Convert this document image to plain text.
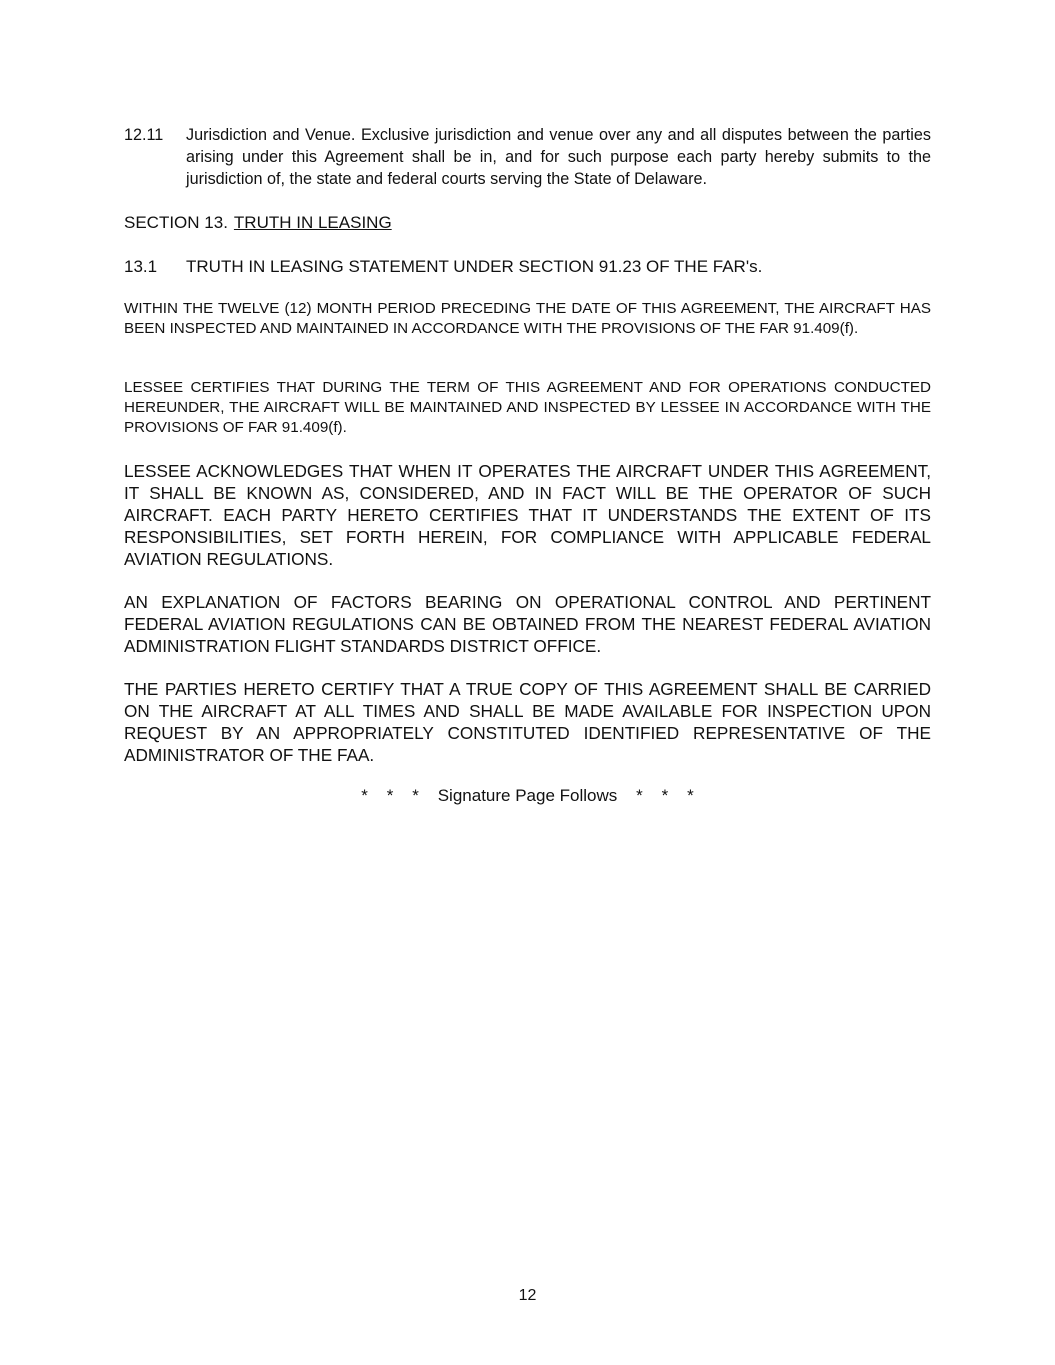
12.11 Jurisdiction and Venue. Exclusive jurisdiction and venue over any and all disputes between the parties arising under this Agreement shall be in, and for such purpose each party hereby submits to the jurisdiction of, the state and federal courts serving the State of Delaware.
SECTION 13. TRUTH IN LEASING
13.1 TRUTH IN LEASING STATEMENT UNDER SECTION 91.23 OF THE FAR's.

WITHIN THE TWELVE (12) MONTH PERIOD PRECEDING THE DATE OF THIS AGREEMENT, THE AIRCRAFT HAS BEEN INSPECTED AND MAINTAINED IN ACCORDANCE WITH THE PROVISIONS OF THE FAR 91.409(f).

LESSEE CERTIFIES THAT DURING THE TERM OF THIS AGREEMENT AND FOR OPERATIONS CONDUCTED HEREUNDER, THE AIRCRAFT WILL BE MAINTAINED AND INSPECTED BY LESSEE IN ACCORDANCE WITH THE PROVISIONS OF FAR 91.409(f).

LESSEE ACKNOWLEDGES THAT WHEN IT OPERATES THE AIRCRAFT UNDER THIS AGREEMENT, IT SHALL BE KNOWN AS, CONSIDERED, AND IN FACT WILL BE THE OPERATOR OF SUCH AIRCRAFT. EACH PARTY HERETO CERTIFIES THAT IT UNDERSTANDS THE EXTENT OF ITS RESPONSIBILITIES, SET FORTH HEREIN, FOR COMPLIANCE WITH APPLICABLE FEDERAL AVIATION REGULATIONS.

AN EXPLANATION OF FACTORS BEARING ON OPERATIONAL CONTROL AND PERTINENT FEDERAL AVIATION REGULATIONS CAN BE OBTAINED FROM THE NEAREST FEDERAL AVIATION ADMINISTRATION FLIGHT STANDARDS DISTRICT OFFICE.

THE PARTIES HERETO CERTIFY THAT A TRUE COPY OF THIS AGREEMENT SHALL BE CARRIED ON THE AIRCRAFT AT ALL TIMES AND SHALL BE MADE AVAILABLE FOR INSPECTION UPON REQUEST BY AN APPROPRIATELY CONSTITUTED IDENTIFIED REPRESENTATIVE OF THE ADMINISTRATOR OF THE FAA.

*    *    *    Signature Page Follows    *    *    *
12
